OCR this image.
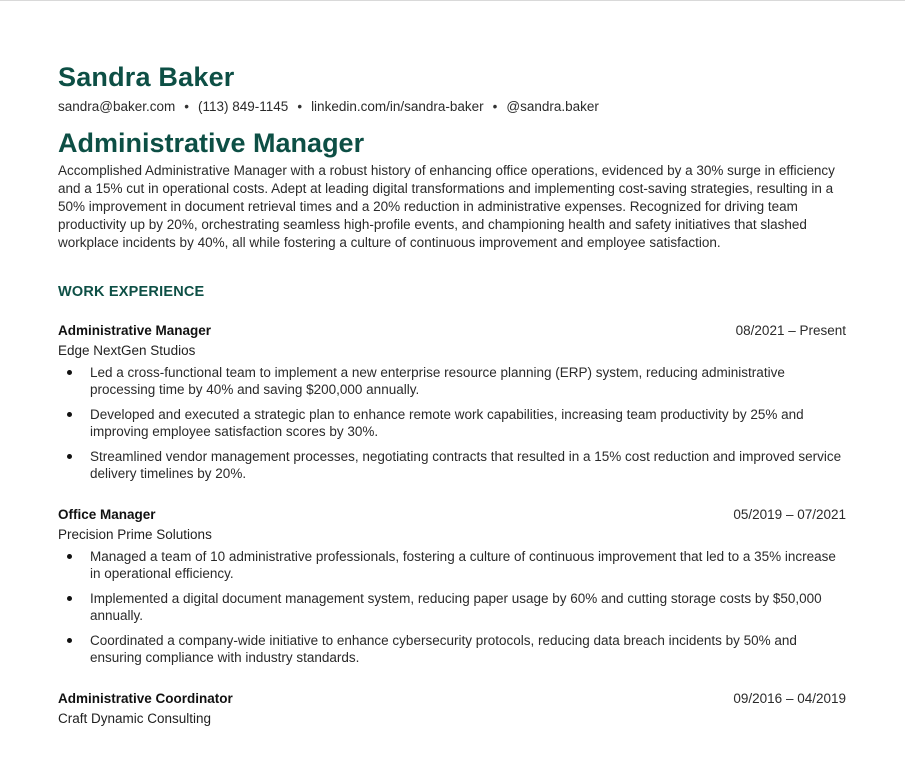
Sandra Baker
sandra@baker.com • (113) 849-1145 • linkedin.com/in/sandra-baker • @sandra.baker
Administrative Manager
Accomplished Administrative Manager with a robust history of enhancing office operations, evidenced by a 30% surge in efficiency and a 15% cut in operational costs. Adept at leading digital transformations and implementing cost-saving strategies, resulting in a 50% improvement in document retrieval times and a 20% reduction in administrative expenses. Recognized for driving team productivity up by 20%, orchestrating seamless high-profile events, and championing health and safety initiatives that slashed workplace incidents by 40%, all while fostering a culture of continuous improvement and employee satisfaction.
WORK EXPERIENCE
08/2021 – Present
Administrative Manager
Edge NextGen Studios
Led a cross-functional team to implement a new enterprise resource planning (ERP) system, reducing administrative processing time by 40% and saving $200,000 annually.
Developed and executed a strategic plan to enhance remote work capabilities, increasing team productivity by 25% and improving employee satisfaction scores by 30%.
Streamlined vendor management processes, negotiating contracts that resulted in a 15% cost reduction and improved service delivery timelines by 20%.
05/2019 – 07/2021
Office Manager
Precision Prime Solutions
Managed a team of 10 administrative professionals, fostering a culture of continuous improvement that led to a 35% increase in operational efficiency.
Implemented a digital document management system, reducing paper usage by 60% and cutting storage costs by $50,000 annually.
Coordinated a company-wide initiative to enhance cybersecurity protocols, reducing data breach incidents by 50% and ensuring compliance with industry standards.
09/2016 – 04/2019
Administrative Coordinator
Craft Dynamic Consulting
